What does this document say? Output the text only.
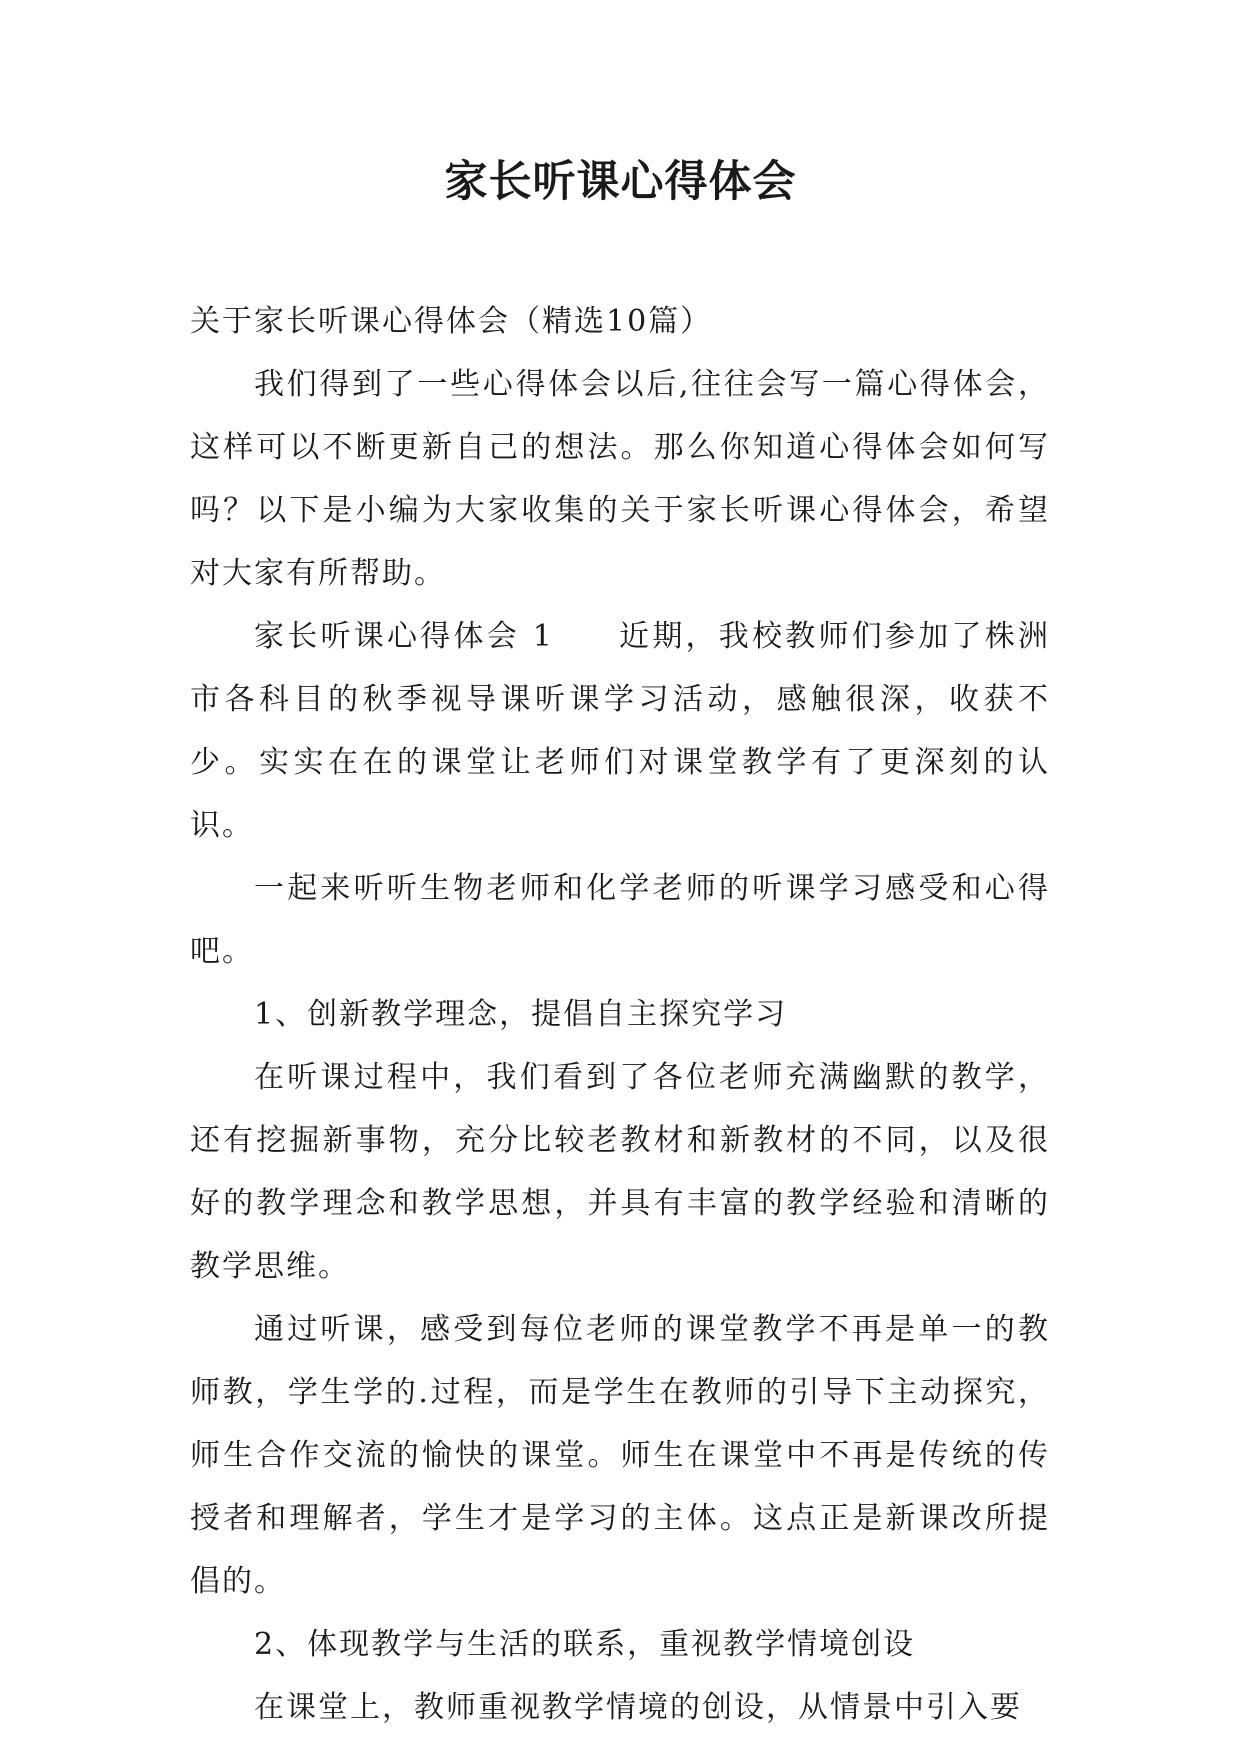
家长听课心得体会

关于家长听课心得体会（精选10篇）

我们得到了一些心得体会以后,往往会写一篇心得体会，这样可以不断更新自己的想法。那么你知道心得体会如何写吗？以下是小编为大家收集的关于家长听课心得体会，希望对大家有所帮助。

家长听课心得体会 1 近期，我校教师们参加了株洲市各科目的秋季视导课听课学习活动，感触很深，收获不少。实实在在的课堂让老师们对课堂教学有了更深刻的认识。

一起来听听生物老师和化学老师的听课学习感受和心得吧。

1、创新教学理念，提倡自主探究学习

在听课过程中，我们看到了各位老师充满幽默的教学，还有挖掘新事物，充分比较老教材和新教材的不同，以及很好的教学理念和教学思想，并具有丰富的教学经验和清晰的教学思维。

通过听课，感受到每位老师的课堂教学不再是单一的教师教，学生学的.过程，而是学生在教师的引导下主动探究，师生合作交流的愉快的课堂。师生在课堂中不再是传统的传授者和理解者，学生才是学习的主体。这点正是新课改所提倡的。

2、体现教学与生活的联系，重视教学情境创设

在课堂上，教师重视教学情境的创设，从情景中引入要
